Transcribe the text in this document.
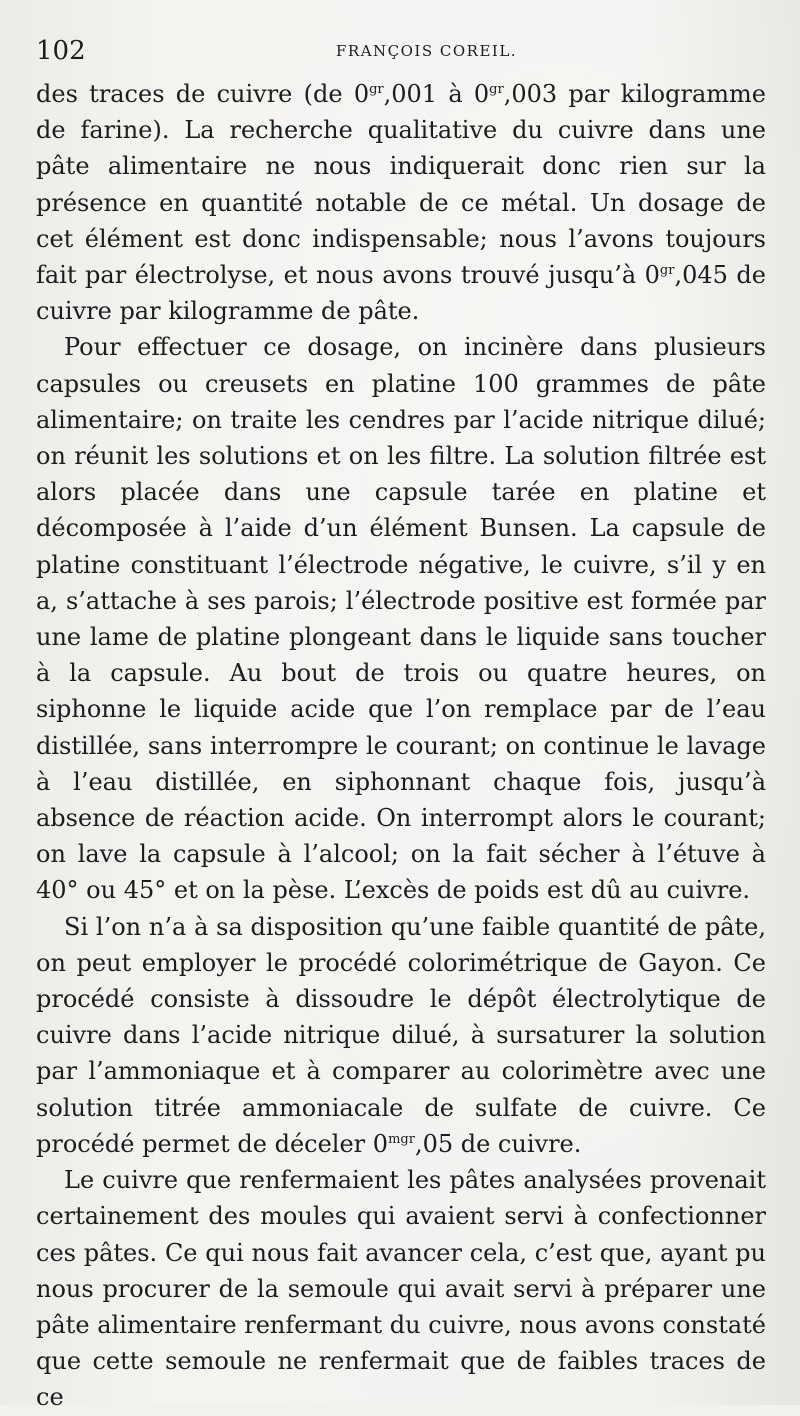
102	FRANÇOIS COREIL.

des traces de cuivre (de $0^{gr},001$ à $0^{gr},003$ par kilogramme de farine). La recherche qualitative du cuivre dans une pâte alimentaire ne nous indiquerait donc rien sur la présence en quantité notable de ce métal. Un dosage de cet élément est donc indispensable; nous l’avons toujours fait par électrolyse, et nous avons trouvé jusqu’à $0^{gr},045$ de cuivre par kilogramme de pâte.

Pour effectuer ce dosage, on incinère dans plusieurs capsules ou creusets en platine 100 grammes de pâte alimentaire; on traite les cendres par l’acide nitrique dilué; on réunit les solutions et on les filtre. La solution filtrée est alors placée dans une capsule tarée en platine et décomposée à l’aide d’un élément Bunsen. La capsule de platine constituant l’électrode négative, le cuivre, s’il y en a, s’attache à ses parois; l’électrode positive est formée par une lame de platine plongeant dans le liquide sans toucher à la capsule. Au bout de trois ou quatre heures, on siphonne le liquide acide que l’on remplace par de l’eau distillée, sans interrompre le courant; on continue le lavage à l’eau distillée, en siphonnant chaque fois, jusqu’à absence de réaction acide. On interrompt alors le courant; on lave la capsule à l’alcool; on la fait sécher à l’étuve à 40° ou 45° et on la pèse. L’excès de poids est dû au cuivre.

Si l’on n’a à sa disposition qu’une faible quantité de pâte, on peut employer le procédé colorimétrique de Gayon. Ce procédé consiste à dissoudre le dépôt électrolytique de cuivre dans l’acide nitrique dilué, à sursaturer la solution par l’ammoniaque et à comparer au colorimètre avec une solution titrée ammoniacale de sulfate de cuivre. Ce procédé permet de déceler $0^{mgr},05$ de cuivre.

Le cuivre que renfermaient les pâtes analysées provenait certainement des moules qui avaient servi à confectionner ces pâtes. Ce qui nous fait avancer cela, c’est que, ayant pu nous procurer de la semoule qui avait servi à préparer une pâte alimentaire renfermant du cuivre, nous avons constaté que cette semoule ne renfermait que de faibles traces de ce
